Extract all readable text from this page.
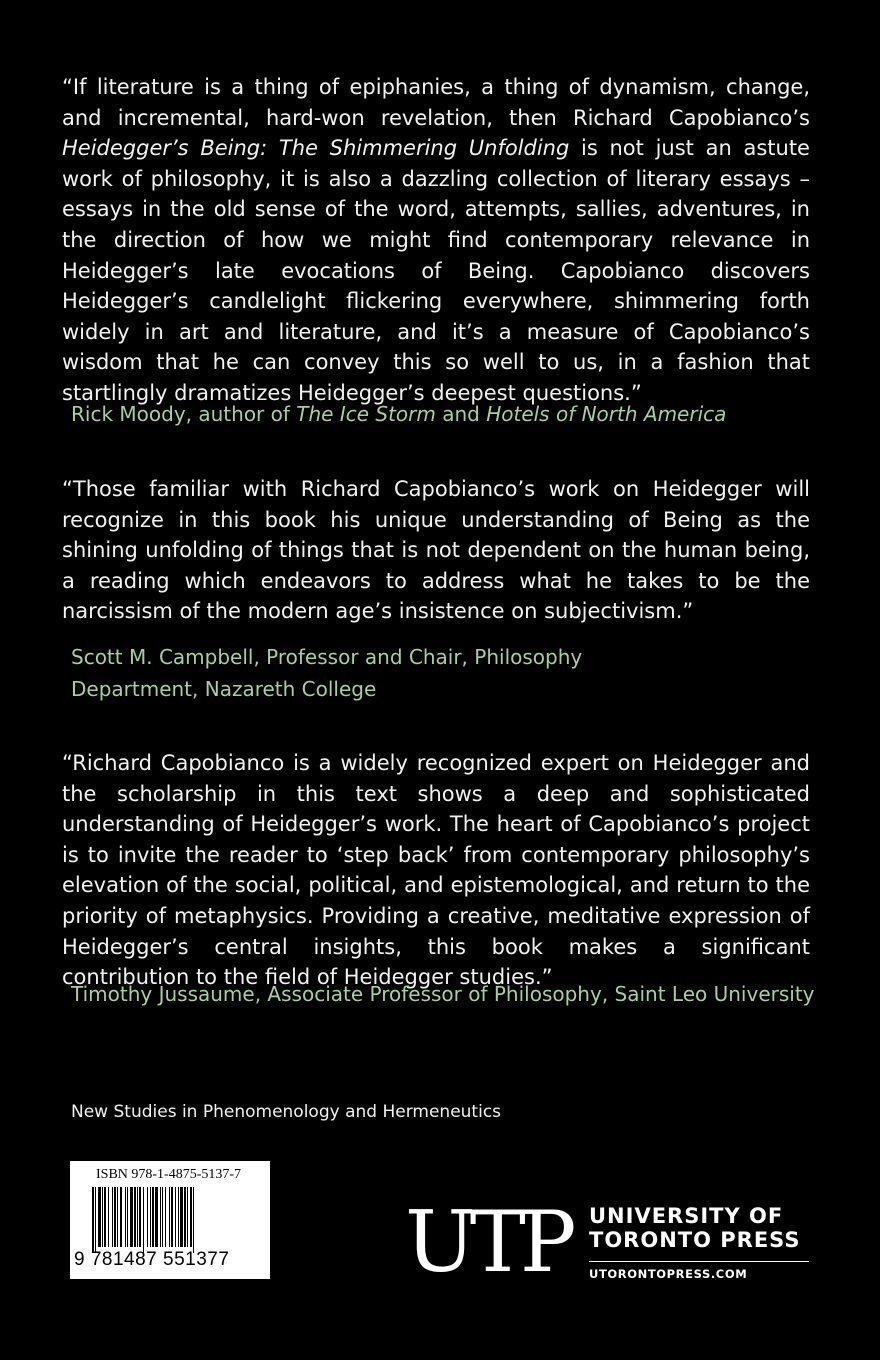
“If literature is a thing of epiphanies, a thing of dynamism, change, and incremental, hard-won revelation, then Richard Capobianco’s Heidegger’s Being: The Shimmering Unfolding is not just an astute work of philosophy, it is also a dazzling collection of literary essays – essays in the old sense of the word, attempts, sallies, adventures, in the direction of how we might find contemporary relevance in Heidegger’s late evocations of Being. Capobianco discovers Heidegger’s candlelight flickering everywhere, shimmering forth widely in art and literature, and it’s a measure of Capobianco’s wisdom that he can convey this so well to us, in a fashion that startlingly dramatizes Heidegger’s deepest questions.”

Rick Moody, author of The Ice Storm and Hotels of North America

“Those familiar with Richard Capobianco’s work on Heidegger will recognize in this book his unique understanding of Being as the shining unfolding of things that is not dependent on the human being, a reading which endeavors to address what he takes to be the narcissism of the modern age’s insistence on subjectivism.”

Scott M. Campbell, Professor and Chair, Philosophy Department, Nazareth College

“Richard Capobianco is a widely recognized expert on Heidegger and the scholarship in this text shows a deep and sophisticated understanding of Heidegger’s work. The heart of Capobianco’s project is to invite the reader to ‘step back’ from contemporary philosophy’s elevation of the social, political, and epistemological, and return to the priority of metaphysics. Providing a creative, meditative expression of Heidegger’s central insights, this book makes a significant contribution to the field of Heidegger studies.”

Timothy Jussaume, Associate Professor of Philosophy, Saint Leo University

New Studies in Phenomenology and Hermeneutics

ISBN 978-1-4875-5137-7
9 781487 551377 UTP UNIVERSITY OF
TORONTO PRESS
UTORONTOPRESS.COM
